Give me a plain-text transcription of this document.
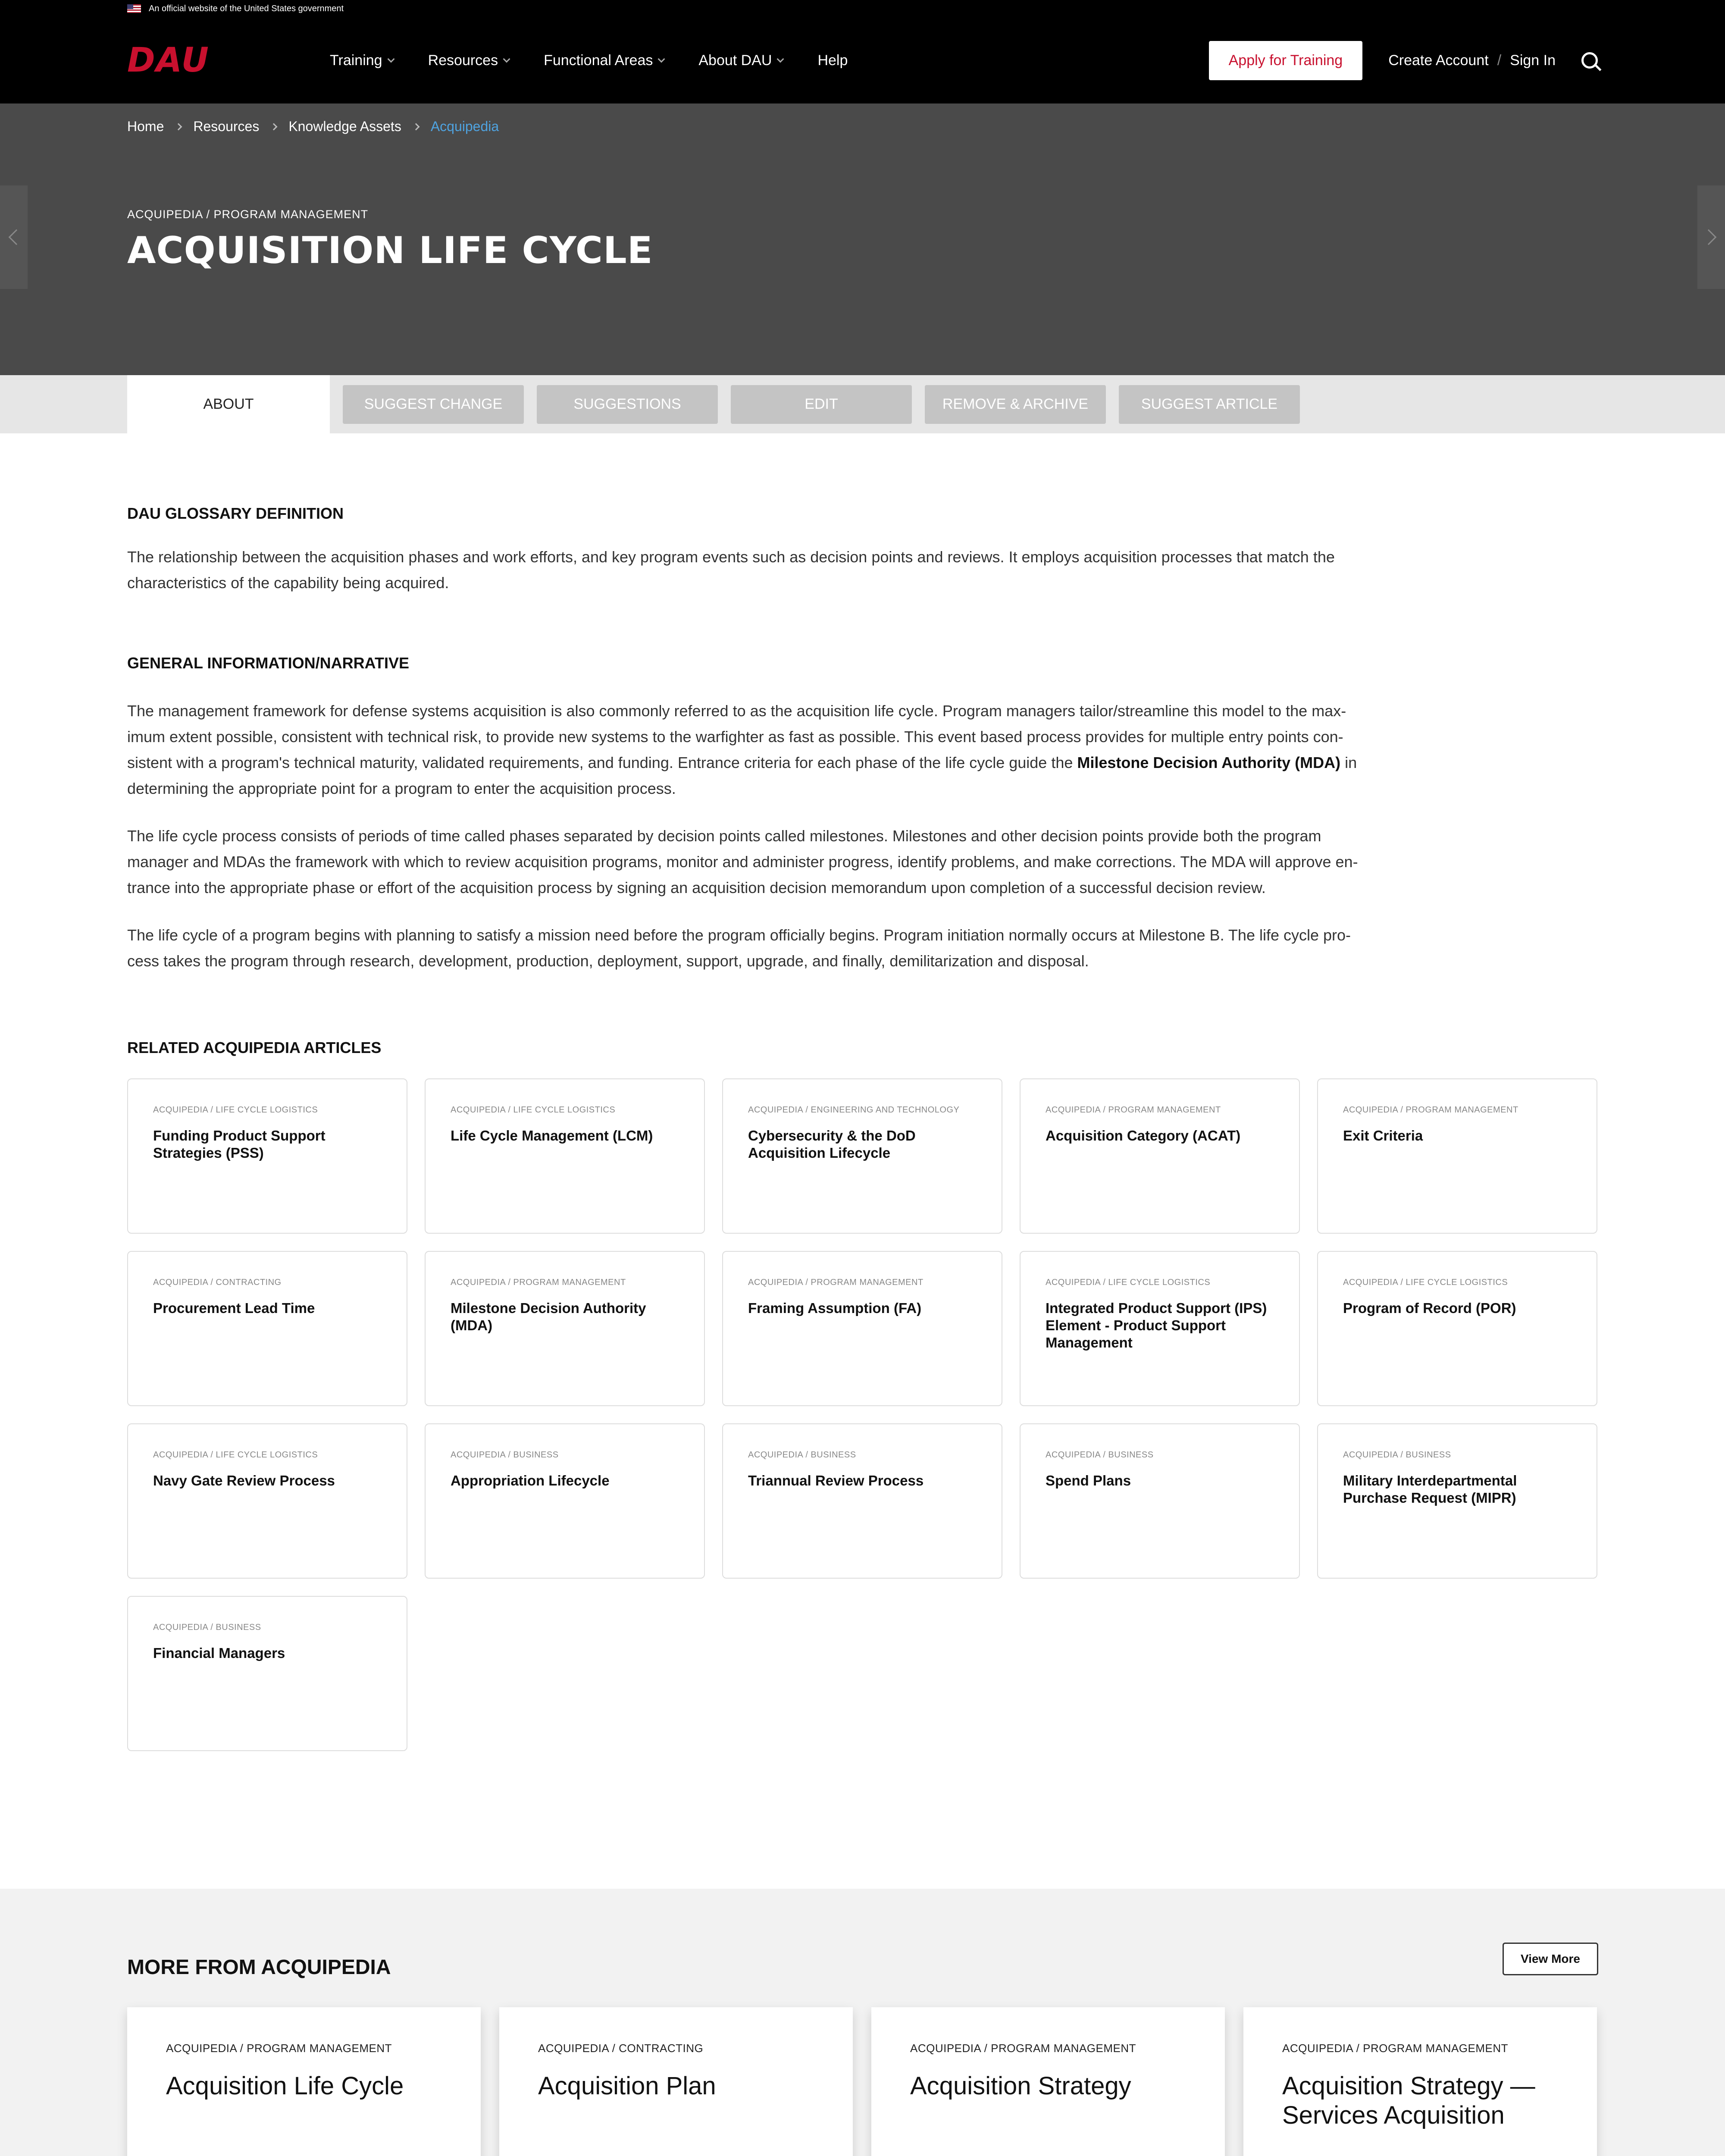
An official website of the United States government
DAU	Training	Resources	Functional Areas	About DAU	Help	Apply for Training	Create Account / Sign In
Home Resources Knowledge Assets Acquipedia
ACQUIPEDIA / PROGRAM MANAGEMENT
ACQUISITION LIFE CYCLE
ABOUT	SUGGEST CHANGE	SUGGESTIONS	EDIT	REMOVE & ARCHIVE	SUGGEST ARTICLE
DAU GLOSSARY DEFINITION
The relationship between the acquisition phases and work efforts, and key program events such as decision points and reviews. It employs acquisition processes that match the
characteristics of the capability being acquired.
GENERAL INFORMATION/NARRATIVE
The management framework for defense systems acquisition is also commonly referred to as the acquisition life cycle. Program managers tailor/streamline this model to the max-
imum extent possible, consistent with technical risk, to provide new systems to the warfighter as fast as possible. This event based process provides for multiple entry points con-
sistent with a program's technical maturity, validated requirements, and funding. Entrance criteria for each phase of the life cycle guide the Milestone Decision Authority (MDA) in
determining the appropriate point for a program to enter the acquisition process.
The life cycle process consists of periods of time called phases separated by decision points called milestones. Milestones and other decision points provide both the program
manager and MDAs the framework with which to review acquisition programs, monitor and administer progress, identify problems, and make corrections. The MDA will approve en-
trance into the appropriate phase or effort of the acquisition process by signing an acquisition decision memorandum upon completion of a successful decision review.
The life cycle of a program begins with planning to satisfy a mission need before the program officially begins. Program initiation normally occurs at Milestone B. The life cycle pro-
cess takes the program through research, development, production, deployment, support, upgrade, and finally, demilitarization and disposal.
RELATED ACQUIPEDIA ARTICLES
ACQUIPEDIA / LIFE CYCLE LOGISTICS
Funding Product Support Strategies (PSS)
ACQUIPEDIA / LIFE CYCLE LOGISTICS
Life Cycle Management (LCM)
ACQUIPEDIA / ENGINEERING AND TECHNOLOGY
Cybersecurity & the DoD Acquisition Lifecycle
ACQUIPEDIA / PROGRAM MANAGEMENT
Acquisition Category (ACAT)
ACQUIPEDIA / PROGRAM MANAGEMENT
Exit Criteria
ACQUIPEDIA / CONTRACTING
Procurement Lead Time
ACQUIPEDIA / PROGRAM MANAGEMENT
Milestone Decision Authority (MDA)
ACQUIPEDIA / PROGRAM MANAGEMENT
Framing Assumption (FA)
ACQUIPEDIA / LIFE CYCLE LOGISTICS
Integrated Product Support (IPS) Element - Product Support Management
ACQUIPEDIA / LIFE CYCLE LOGISTICS
Program of Record (POR)
ACQUIPEDIA / LIFE CYCLE LOGISTICS
Navy Gate Review Process
ACQUIPEDIA / BUSINESS
Appropriation Lifecycle
ACQUIPEDIA / BUSINESS
Triannual Review Process
ACQUIPEDIA / BUSINESS
Spend Plans
ACQUIPEDIA / BUSINESS
Military Interdepartmental Purchase Request (MIPR)
ACQUIPEDIA / BUSINESS
Financial Managers
MORE FROM ACQUIPEDIA	View More
ACQUIPEDIA / PROGRAM MANAGEMENT
Acquisition Life Cycle
ACQUIPEDIA / CONTRACTING
Acquisition Plan
ACQUIPEDIA / PROGRAM MANAGEMENT
Acquisition Strategy
ACQUIPEDIA / PROGRAM MANAGEMENT
Acquisition Strategy — Services Acquisition
